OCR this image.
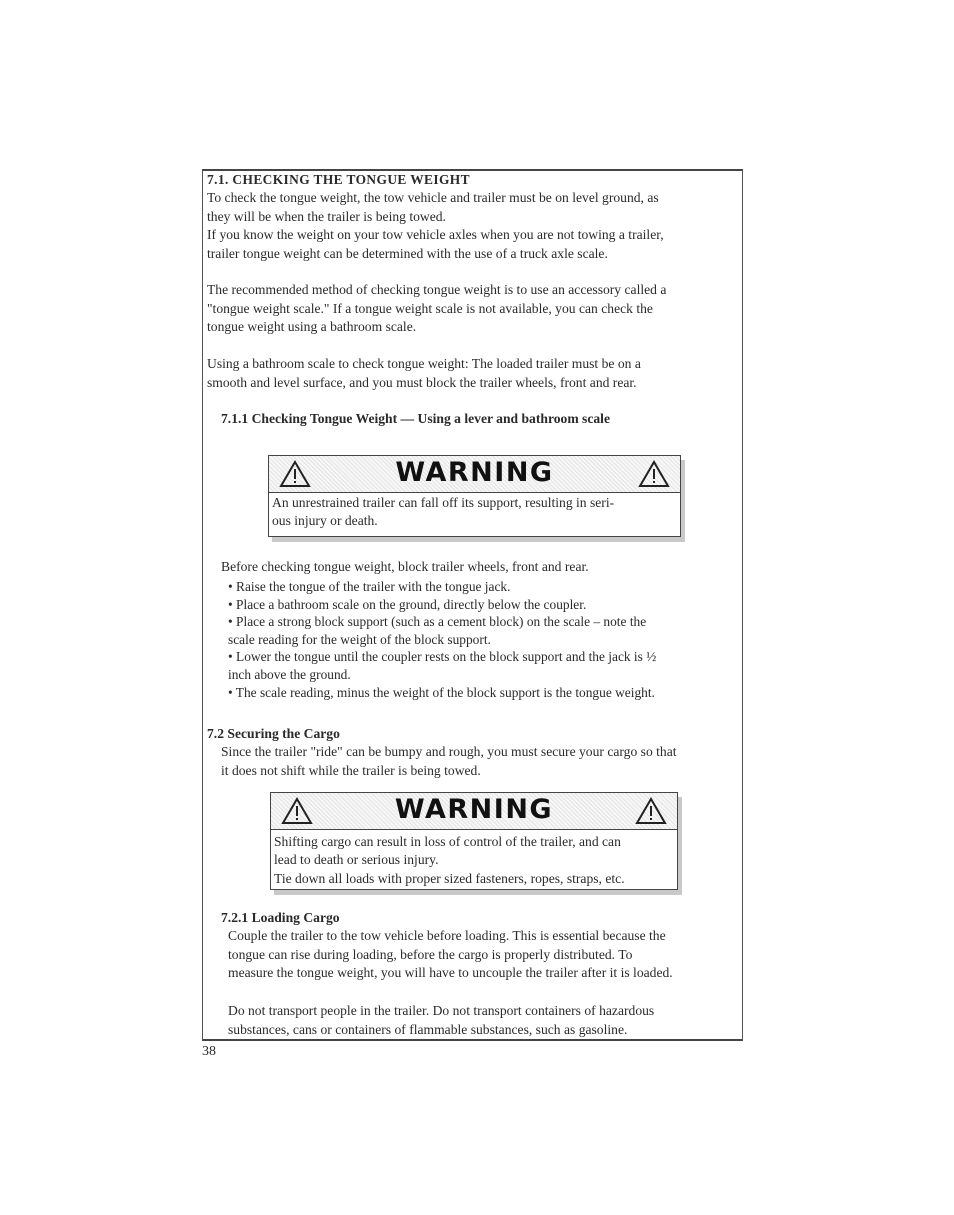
7.1. CHECKING THE TONGUE WEIGHT
To check the tongue weight, the tow vehicle and trailer must be on level ground, as
they will be when the trailer is being towed.
If you know the weight on your tow vehicle axles when you are not towing a trailer,
trailer tongue weight can be determined with the use of a truck axle scale.
The recommended method of checking tongue weight is to use an accessory called a
"tongue weight scale." If a tongue weight scale is not available, you can check the
tongue weight using a bathroom scale.
Using a bathroom scale to check tongue weight: The loaded trailer must be on a
smooth and level surface, and you must block the trailer wheels, front and rear.
7.1.1 Checking Tongue Weight — Using a lever and bathroom scale
WARNING
An unrestrained trailer can fall off its support, resulting in seri-
ous injury or death.
Before checking tongue weight, block trailer wheels, front and rear.
• Raise the tongue of the trailer with the tongue jack.
• Place a bathroom scale on the ground, directly below the coupler.
• Place a strong block support (such as a cement block) on the scale – note the
scale reading for the weight of the block support.
• Lower the tongue until the coupler rests on the block support and the jack is ½
inch above the ground.
• The scale reading, minus the weight of the block support is the tongue weight.
7.2 Securing the Cargo
Since the trailer "ride" can be bumpy and rough, you must secure your cargo so that
it does not shift while the trailer is being towed.
WARNING
Shifting cargo can result in loss of control of the trailer, and can
lead to death or serious injury.
Tie down all loads with proper sized fasteners, ropes, straps, etc.
7.2.1 Loading Cargo
Couple the trailer to the tow vehicle before loading. This is essential because the
tongue can rise during loading, before the cargo is properly distributed. To
measure the tongue weight, you will have to uncouple the trailer after it is loaded.
Do not transport people in the trailer. Do not transport containers of hazardous
substances, cans or containers of flammable substances, such as gasoline.
38
